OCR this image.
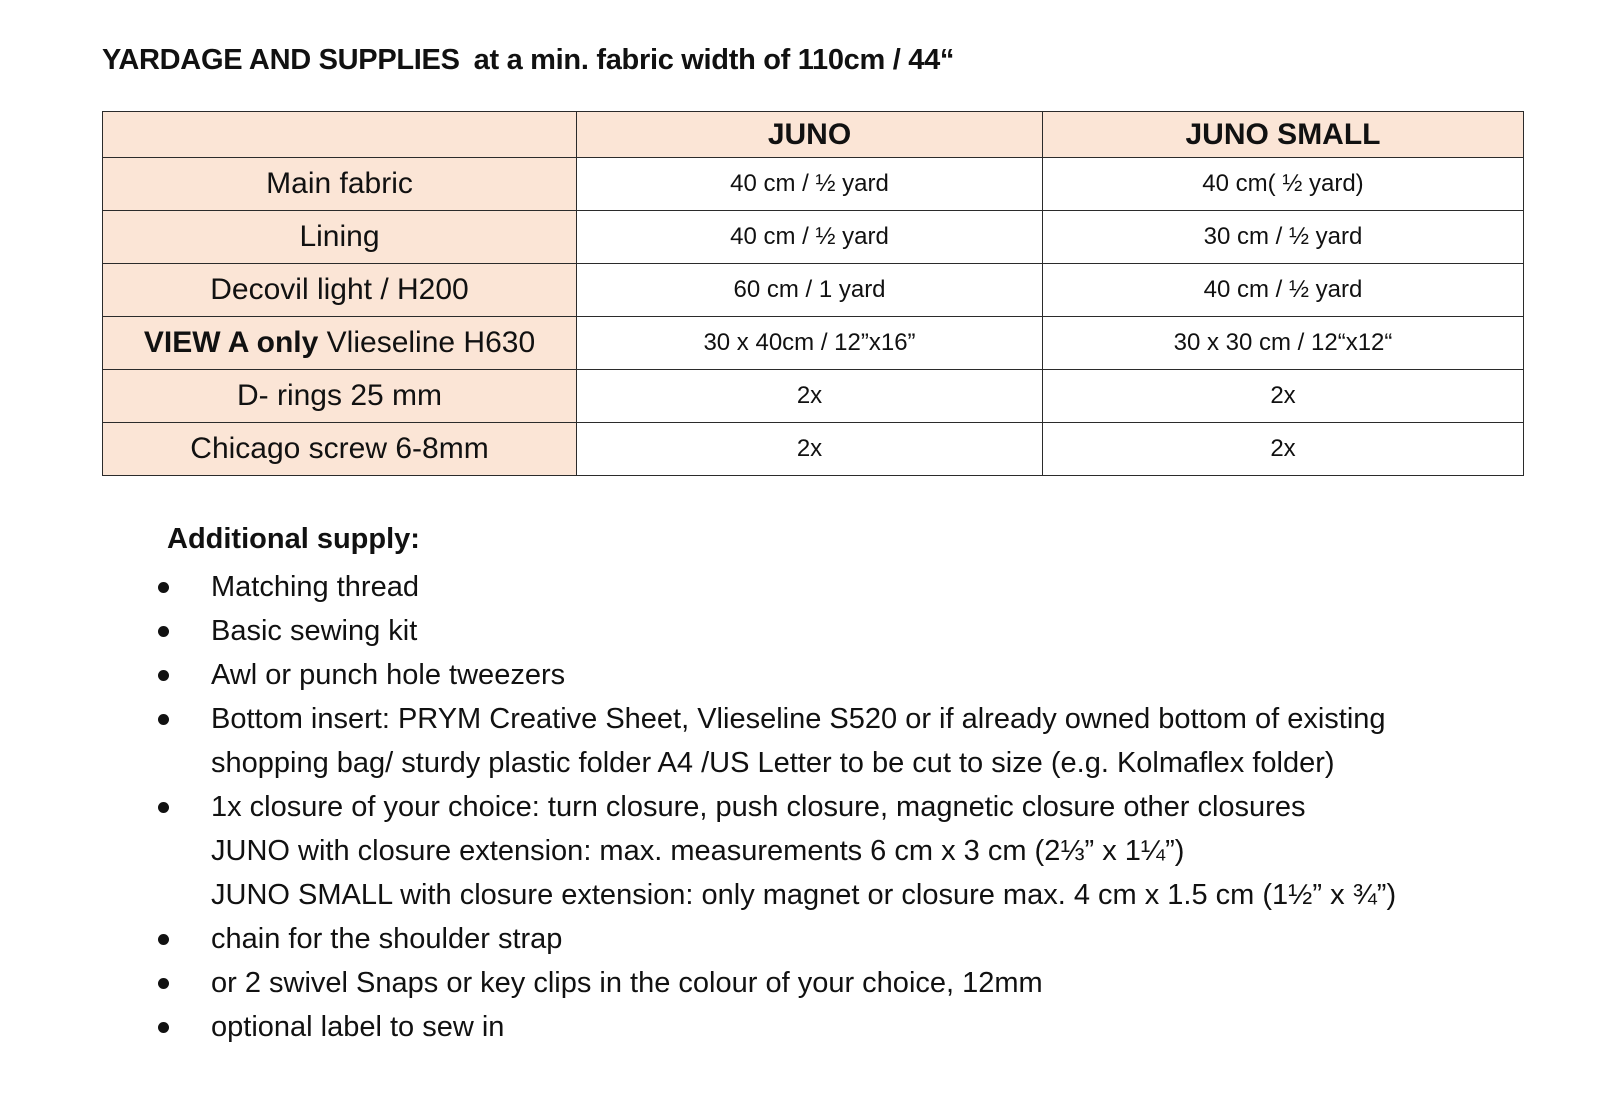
YARDAGE AND SUPPLIES at a min. fabric width of 110cm / 44“
	JUNO	JUNO SMALL
Main fabric	40 cm / ½ yard	40 cm( ½ yard)
Lining	40 cm / ½ yard	30 cm / ½ yard
Decovil light / H200	60 cm / 1 yard	40 cm / ½ yard
VIEW A only Vlieseline H630	30 x 40cm / 12”x16”	30 x 30 cm / 12“x12“
D- rings 25 mm	2x	2x
Chicago screw 6-8mm	2x	2x
Additional supply:
Matching thread
Basic sewing kit
Awl or punch hole tweezers
Bottom insert: PRYM Creative Sheet, Vlieseline S520 or if already owned bottom of existing
shopping bag/ sturdy plastic folder A4 /US Letter to be cut to size (e.g. Kolmaflex folder)
1x closure of your choice: turn closure, push closure, magnetic closure other closures
JUNO with closure extension: max. measurements 6 cm x 3 cm (2⅓” x 1¼”)
JUNO SMALL with closure extension: only magnet or closure max. 4 cm x 1.5 cm (1½” x ¾”)
chain for the shoulder strap
or 2 swivel Snaps or key clips in the colour of your choice, 12mm
optional label to sew in
